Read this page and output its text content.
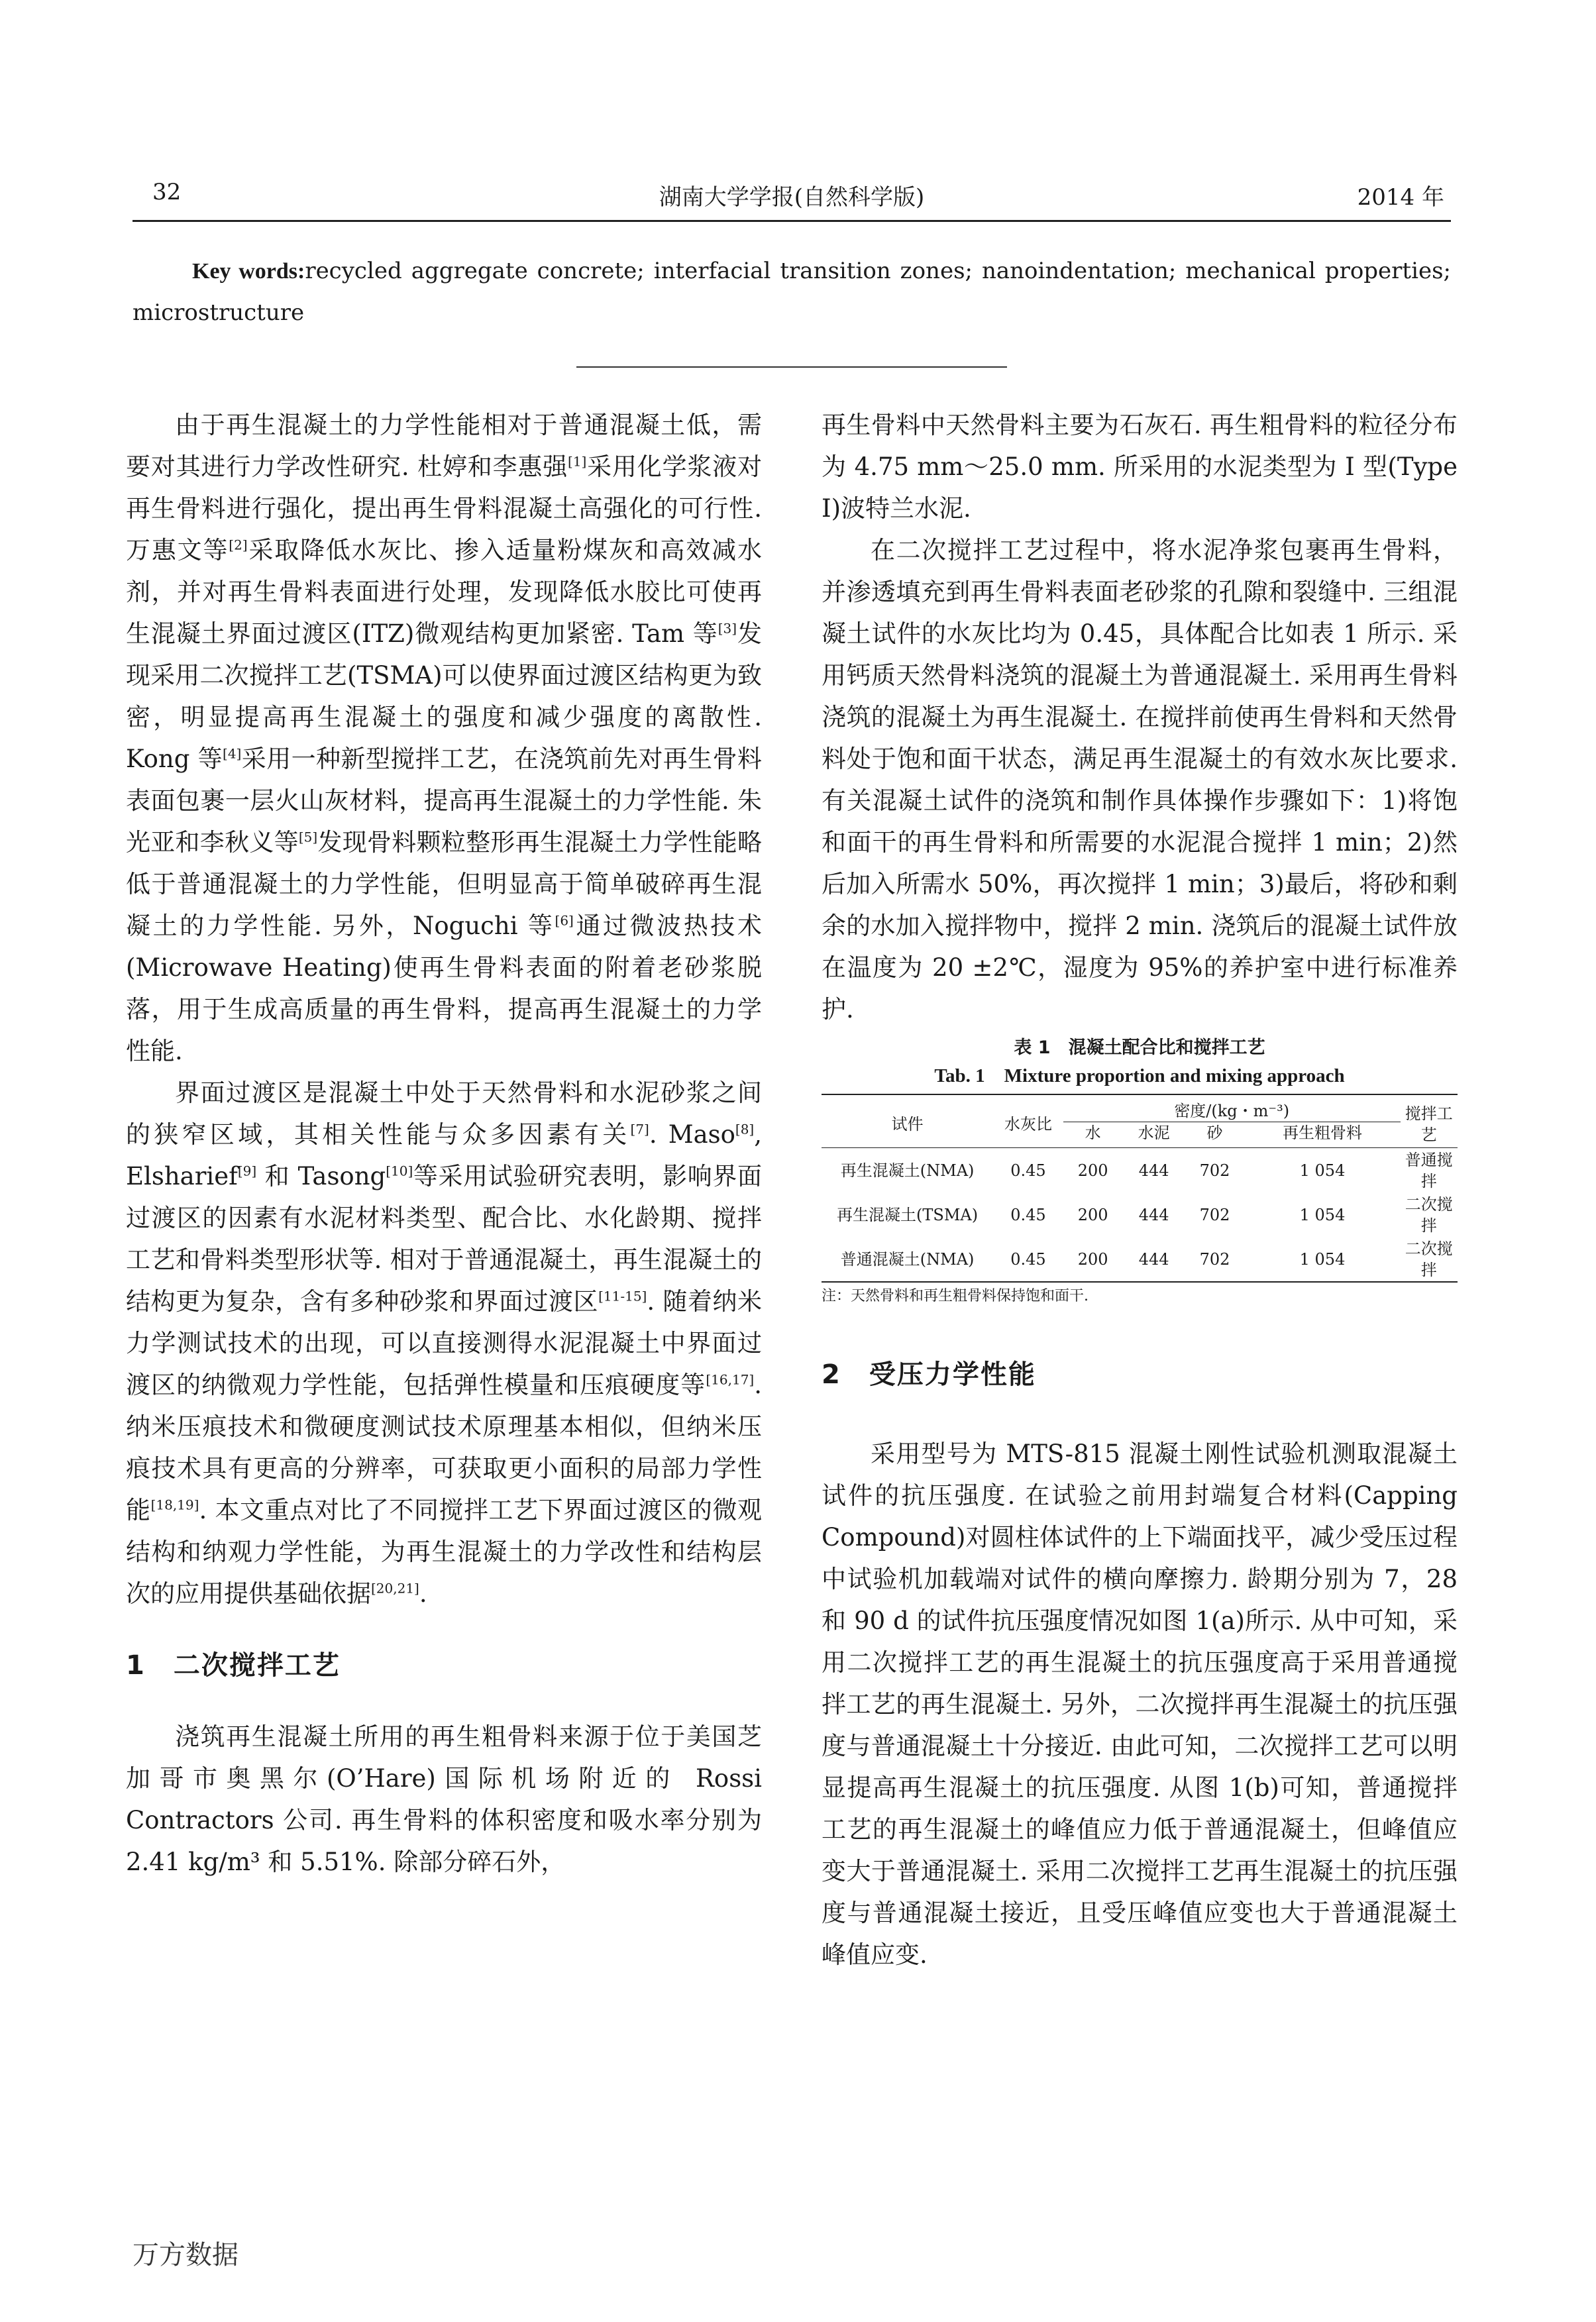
32	湖南大学学报(自然科学版)	2014 年
Key words:recycled aggregate concrete; interfacial transition zones; nanoindentation; mechanical properties; microstructure

由于再生混凝土的力学性能相对于普通混凝土低，需要对其进行力学改性研究. 杜婷和李惠强[1]采用化学浆液对再生骨料进行强化，提出再生骨料混凝土高强化的可行性. 万惠文等[2]采取降低水灰比、掺入适量粉煤灰和高效减水剂，并对再生骨料表面进行处理，发现降低水胶比可使再生混凝土界面过渡区(ITZ)微观结构更加紧密. Tam 等[3]发现采用二次搅拌工艺(TSMA)可以使界面过渡区结构更为致密，明显提高再生混凝土的强度和减少强度的离散性. Kong 等[4]采用一种新型搅拌工艺，在浇筑前先对再生骨料表面包裹一层火山灰材料，提高再生混凝土的力学性能. 朱光亚和李秋义等[5]发现骨料颗粒整形再生混凝土力学性能略低于普通混凝土的力学性能，但明显高于简单破碎再生混凝土的力学性能. 另外，Noguchi 等[6]通过微波热技术(Microwave Heating)使再生骨料表面的附着老砂浆脱落，用于生成高质量的再生骨料，提高再生混凝土的力学性能.

界面过渡区是混凝土中处于天然骨料和水泥砂浆之间的狭窄区域，其相关性能与众多因素有关[7]. Maso[8], Elsharief[9] 和 Tasong[10]等采用试验研究表明，影响界面过渡区的因素有水泥材料类型、配合比、水化龄期、搅拌工艺和骨料类型形状等. 相对于普通混凝土，再生混凝土的结构更为复杂，含有多种砂浆和界面过渡区[11-15]. 随着纳米力学测试技术的出现，可以直接测得水泥混凝土中界面过渡区的纳微观力学性能，包括弹性模量和压痕硬度等[16,17]. 纳米压痕技术和微硬度测试技术原理基本相似，但纳米压痕技术具有更高的分辨率，可获取更小面积的局部力学性能[18,19]. 本文重点对比了不同搅拌工艺下界面过渡区的微观结构和纳观力学性能，为再生混凝土的力学改性和结构层次的应用提供基础依据[20,21].

1　二次搅拌工艺

浇筑再生混凝土所用的再生粗骨料来源于位于美国芝加哥市奥黑尔(O’Hare)国际机场附近的 Rossi Contractors 公司. 再生骨料的体积密度和吸水率分别为 2.41 kg/m³ 和 5.51%. 除部分碎石外，

再生骨料中天然骨料主要为石灰石. 再生粗骨料的粒径分布为 4.75 mm～25.0 mm. 所采用的水泥类型为 I 型(Type I)波特兰水泥.

在二次搅拌工艺过程中，将水泥净浆包裹再生骨料，并渗透填充到再生骨料表面老砂浆的孔隙和裂缝中. 三组混凝土试件的水灰比均为 0.45，具体配合比如表 1 所示. 采用钙质天然骨料浇筑的混凝土为普通混凝土. 采用再生骨料浇筑的混凝土为再生混凝土. 在搅拌前使再生骨料和天然骨料处于饱和面干状态，满足再生混凝土的有效水灰比要求. 有关混凝土试件的浇筑和制作具体操作步骤如下：1)将饱和面干的再生骨料和所需要的水泥混合搅拌 1 min；2)然后加入所需水 50%，再次搅拌 1 min；3)最后，将砂和剩余的水加入搅拌物中，搅拌 2 min. 浇筑后的混凝土试件放在温度为 20 ±2℃，湿度为 95%的养护室中进行标准养护.

表 1　混凝土配合比和搅拌工艺
Tab. 1　Mixture proportion and mixing approach
试件	水灰比	密度/(kg・m⁻³)				搅拌工艺
		水	水泥	砂	再生粗骨料	
再生混凝土(NMA)	0.45	200	444	702	1 054	普通搅拌
再生混凝土(TSMA)	0.45	200	444	702	1 054	二次搅拌
普通混凝土(NMA)	0.45	200	444	702	1 054	二次搅拌
注：天然骨料和再生粗骨料保持饱和面干.

2　受压力学性能

采用型号为 MTS-815 混凝土刚性试验机测取混凝土试件的抗压强度. 在试验之前用封端复合材料(Capping Compound)对圆柱体试件的上下端面找平，减少受压过程中试验机加载端对试件的横向摩擦力. 龄期分别为 7，28 和 90 d 的试件抗压强度情况如图 1(a)所示. 从中可知，采用二次搅拌工艺的再生混凝土的抗压强度高于采用普通搅拌工艺的再生混凝土. 另外，二次搅拌再生混凝土的抗压强度与普通混凝土十分接近. 由此可知，二次搅拌工艺可以明显提高再生混凝土的抗压强度. 从图 1(b)可知，普通搅拌工艺的再生混凝土的峰值应力低于普通混凝土，但峰值应变大于普通混凝土. 采用二次搅拌工艺再生混凝土的抗压强度与普通混凝土接近，且受压峰值应变也大于普通混凝土峰值应变.

万方数据
